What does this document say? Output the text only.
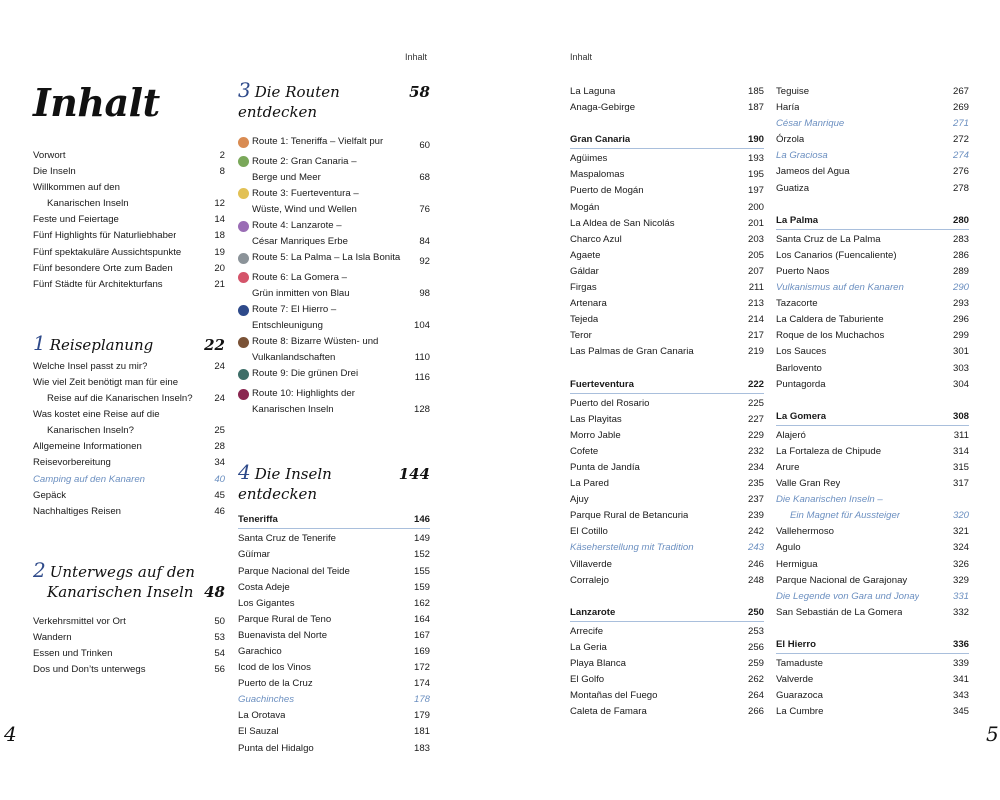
Inhalt
Inhalt
Vorwort	2
Die Inseln	8
Willkommen auf den
Kanarischen Inseln	12
Feste und Feiertage	14
Fünf Highlights für Naturliebhaber	18
Fünf spektakuläre Aussichtspunkte	19
Fünf besondere Orte zum Baden	20
Fünf Städte für Architekturfans	21
1 Reiseplanung	22
Welche Insel passt zu mir?	24
Wie viel Zeit benötigt man für eine
Reise auf die Kanarischen Inseln?	24
Was kostet eine Reise auf die
Kanarischen Inseln?	25
Allgemeine Informationen	28
Reisevorbereitung	34
Camping auf den Kanaren	40
Gepäck	45
Nachhaltiges Reisen	46
2 Unterwegs auf den
Kanarischen Inseln 48
Verkehrsmittel vor Ort	50
Wandern	53
Essen und Trinken	54
Dos und Don’ts unterwegs	56
3 Die Routen entdecken
58
Route 1: Teneriffa – Vielfalt pur	60
Route 2: Gran Canaria –
Berge und Meer	68
Route 3: Fuerteventura –
Wüste, Wind und Wellen	76
Route 4: Lanzarote –
César Manriques Erbe	84
Route 5: La Palma – La Isla Bonita 92
Route 6: La Gomera –
Grün inmitten von Blau	98
Route 7: El Hierro –
Entschleunigung	104
Route 8: Bizarre Wüsten- und
Vulkanlandschaften	110
Route 9: Die grünen Drei	116
Route 10: Highlights der
Kanarischen Inseln	128
4 Die Inseln entdecken
144
Teneriffa	146
Santa Cruz de Tenerife	149
Güímar	152
Parque Nacional del Teide	155
Costa Adeje	159
Los Gigantes	162
Parque Rural de Teno	164
Buenavista del Norte	167
Garachico	169
Icod de los Vinos	172
Puerto de la Cruz	174
Guachinches	178
La Orotava	179
El Sauzal	181
Punta del Hidalgo	183
4
Inhalt
La Laguna	185
Anaga-Gebirge	187
Gran Canaria	190
Agüimes	193
Maspalomas	195
Puerto de Mogán	197
Mogán	200
La Aldea de San Nicolás	201
Charco Azul	203
Agaete	205
Gáldar	207
Firgas	211
Artenara	213
Tejeda	214
Teror	217
Las Palmas de Gran Canaria	219
Fuerteventura	222
Puerto del Rosario	225
Las Playitas	227
Morro Jable	229
Cofete	232
Punta de Jandía	234
La Pared	235
Ajuy	237
Parque Rural de Betancuria	239
El Cotillo	242
Käseherstellung mit Tradition	243
Villaverde	246
Corralejo	248
Lanzarote	250
Arrecife	253
La Geria	256
Playa Blanca	259
El Golfo	262
Montañas del Fuego	264
Caleta de Famara	266
Teguise	267
Haría	269
César Manrique	271
Órzola	272
La Graciosa	274
Jameos del Agua	276
Guatiza	278
La Palma	280
Santa Cruz de La Palma	283
Los Canarios (Fuencaliente)	286
Puerto Naos	289
Vulkanismus auf den Kanaren	290
Tazacorte	293
La Caldera de Taburiente	296
Roque de los Muchachos	299
Los Sauces	301
Barlovento	303
Puntagorda	304
La Gomera	308
Alajeró	311
La Fortaleza de Chipude	314
Arure	315
Valle Gran Rey	317
Die Kanarischen Inseln –
Ein Magnet für Aussteiger	320
Vallehermoso	321
Agulo	324
Hermigua	326
Parque Nacional de Garajonay	329
Die Legende von Gara und Jonay	331
San Sebastián de La Gomera	332
El Hierro	336
Tamaduste	339
Valverde	341
Guarazoca	343
La Cumbre	345
5
